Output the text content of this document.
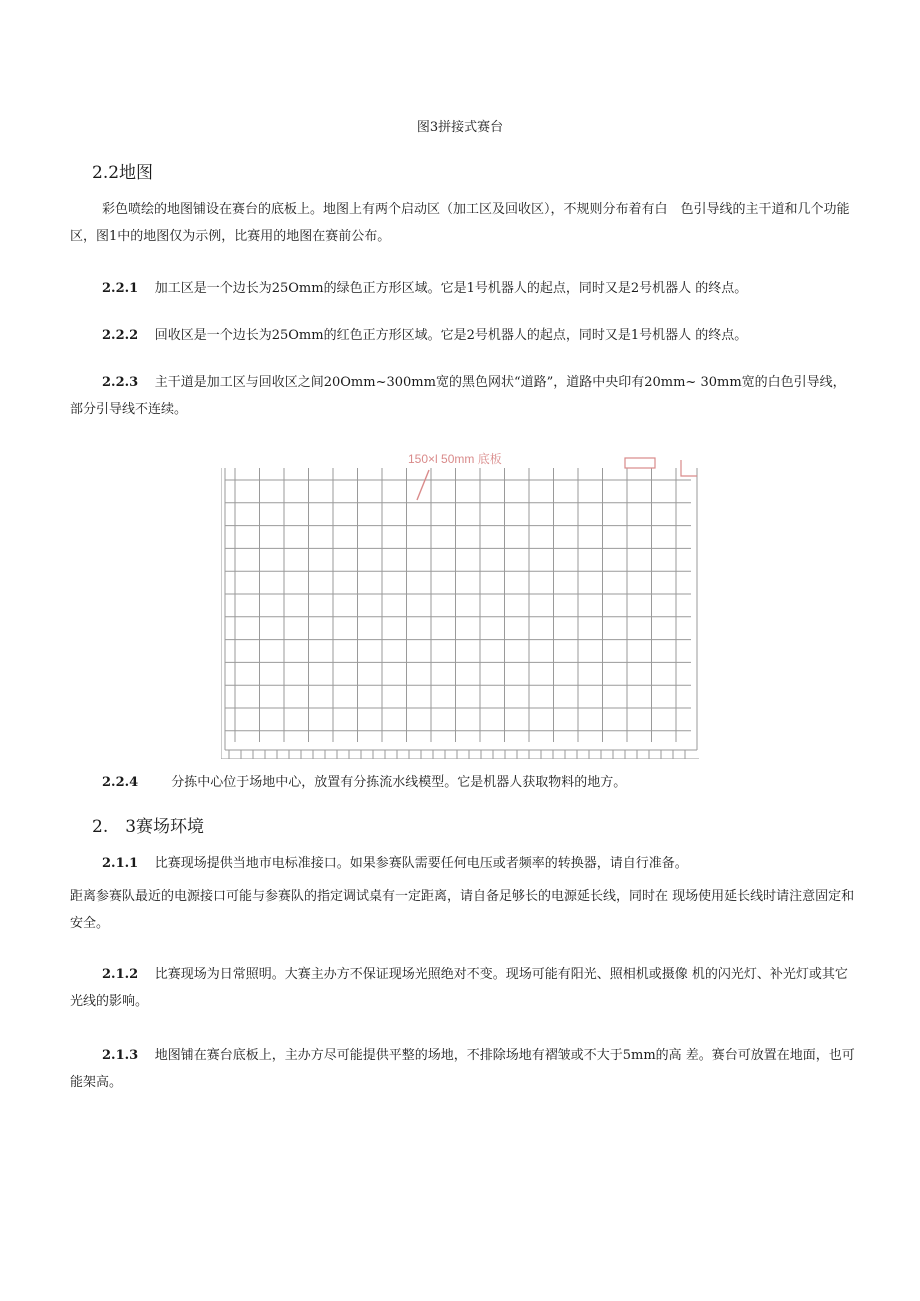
图3拼接式赛台
2.2地图
彩色喷绘的地图铺设在赛台的底板上。地图上有两个启动区（加工区及回收区），不规则分布着有白　色引导线的主干道和几个功能区，图1中的地图仅为示例，比赛用的地图在赛前公布。
2.2.1 加工区是一个边长为25Omm的绿色正方形区域。它是1号机器人的起点，同时又是2号机器人 的终点。
2.2.2 回收区是一个边长为25Omm的红色正方形区域。它是2号机器人的起点，同时又是1号机器人 的终点。
2.2.3 主干道是加工区与回收区之间20Omm~300mm宽的黑色网状“道路”，道路中央印有20mm~ 30mm宽的白色引导线，部分引导线不连续。
150×l 50mm 底板
2.2.4	分拣中心位于场地中心，放置有分拣流水线模型。它是机器人获取物料的地方。
2.　3赛场环境
2.1.1 比赛现场提供当地市电标准接口。如果参赛队需要任何电压或者频率的转换器，请自行准备。
距离参赛队最近的电源接口可能与参赛队的指定调试桌有一定距离，请自备足够长的电源延长线，同时在 现场使用延长线时请注意固定和安全。
2.1.2 比赛现场为日常照明。大赛主办方不保证现场光照绝对不变。现场可能有阳光、照相机或摄像 机的闪光灯、补光灯或其它光线的影响。
2.1.3 地图铺在赛台底板上，主办方尽可能提供平整的场地，不排除场地有褶皱或不大于5mm的高 差。赛台可放置在地面，也可能架高。
